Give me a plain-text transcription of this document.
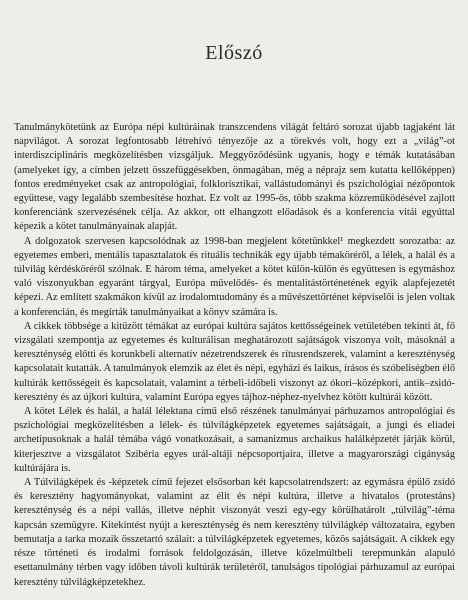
Előszó

Tanulmánykötetünk az Európa népi kultúráinak transzcendens világát feltáró sorozat újabb tagjaként lát napvilágot. A sorozat legfontosabb létrehívó tényezője az a törekvés volt, hogy ezt a „világ”-ot interdiszciplináris megközelítésben vizsgáljuk. Meggyőződésünk ugyanis, hogy e témák kutatásában (amelyeket így, a címben jelzett összefüggésekben, önmagában, még a néprajz sem kutatta kellőképpen) fontos eredményeket csak az antropológiai, folklorisztikai, vallástudományi és pszichológiai nézőpontok együttese, vagy legalább szembesítése hozhat. Ez volt az 1995-ös, több szakma közreműködésével zajlott konferenciánk szervezésének célja. Az akkor, ott elhangzott előadások és a konferencia vitái egyúttal képezik a kötet tanulmányainak alapját.

A dolgozatok szervesen kapcsolódnak az 1998-ban megjelent kötetünkkel¹ megkezdett sorozatba: az egyetemes emberi, mentális tapasztalatok és rituális technikák egy újabb témaköréről, a lélek, a halál és a túlvilág kérdésköréről szólnak. E három téma, amelyeket a kötet külön-külön és együttesen is egymáshoz való viszonyukban egyaránt tárgyal, Európa művelődés- és mentalitástörténetének egyik alapfejezetét képezi. Az említett szakmákon kívül az irodalomtudomány és a művészettörténet képviselői is jelen voltak a konferencián, és megírták tanulmányaikat a könyv számára is.

A cikkek többsége a kitűzött témákat az európai kultúra sajátos kettősségeinek vetületében tekinti át, fő vizsgálati szempontja az egyetemes és kulturálisan meghatározott sajátságok viszonya volt, másoknál a kereszténység előtti és korunkbeli alternatív nézetrendszerek és rítusrendszerek, valamint a kereszténység kapcsolatait kutatták. A tanulmányok elemzik az élet és népi, egyházi és laikus, írásos és szóbeliségben élő kultúrák kettősségeit és kapcsolatait, valamint a térbeli-időbeli viszonyt az ókori–középkori, antik–zsidó-keresztény és az újkori kultúra, valamint Európa egyes tájhoz-néphez-nyelvhez kötött kultúrái között.

A kötet Lélek és halál, a halál lélektana című első részének tanulmányai párhuzamos antropológiai és pszichológiai megközelítésben a lélek- és túlvilágképzetek egyetemes sajátságait, a jungi és eliadei archetípusoknak a halál témába vágó vonatkozásait, a samanizmus archaikus halálképzetét járják körül, kiterjesztve a vizsgálatot Szibéria egyes urál-altáji népcsoportjaira, illetve a magyarországi cigányság kultúrájára is.

A Túlvilágképek és -képzetek című fejezet elsősorban két kapcsolatrendszert: az egymásra épülő zsidó és keresztény hagyományokat, valamint az élit és népi kultúra, illetve a hivatalos (protestáns) kereszténység és a népi vallás, illetve néphit viszonyát veszi egy-egy körülhatárolt „túlvilág”-téma kapcsán szemügyre. Kitekintést nyújt a kereszténység és nem keresztény túlvilágkép változataira, egyben bemutatja a tarka mozaik összetartó szálait: a túlvilágképzetek egyetemes, közös sajátságait. A cikkek egy része történeti és irodalmi források feldolgozásán, illetve közelmúltbeli terepmunkán alapuló esettanulmány térben vagy időben távoli kultúrák területéről, tanulságos tipológiai párhuzamul az európai keresztény túlvilágképzetekhez.
